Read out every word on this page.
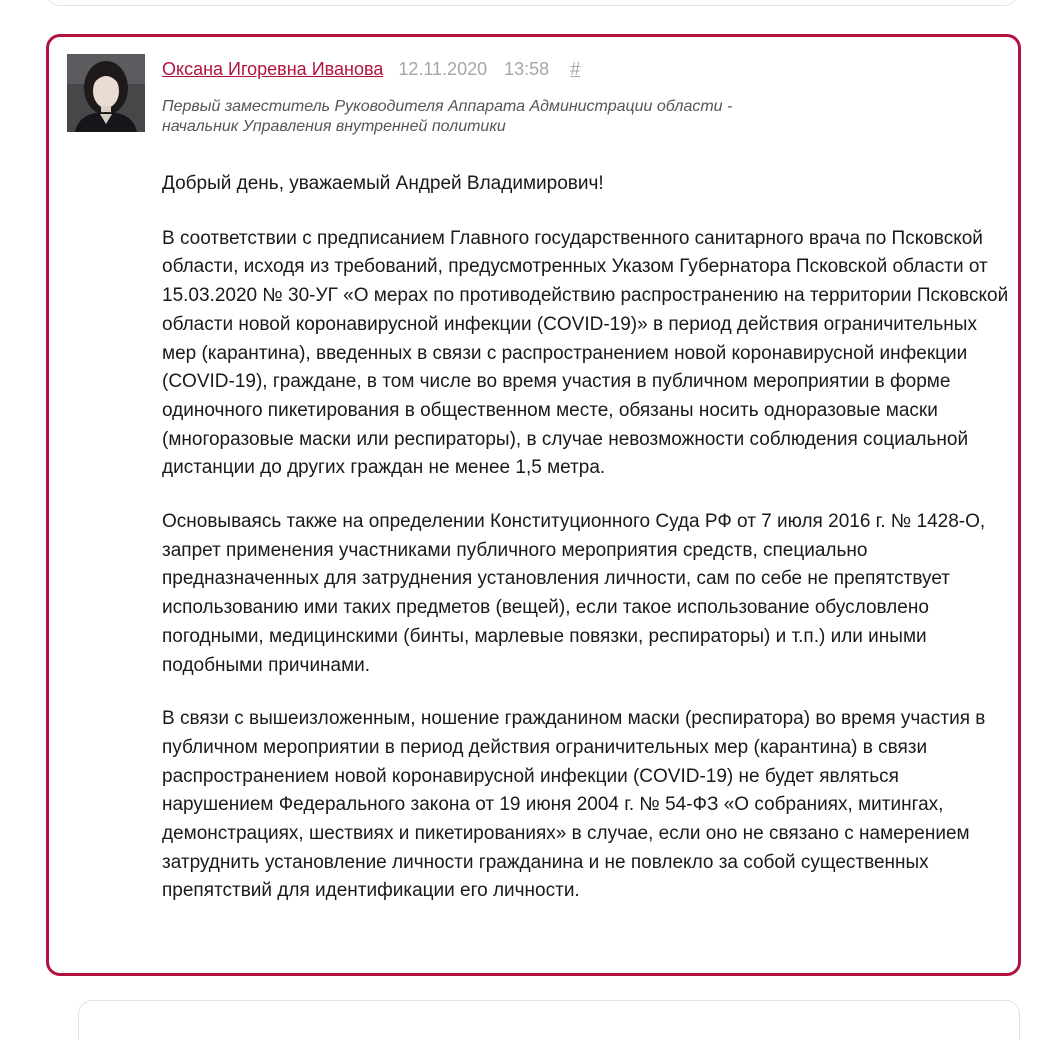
Оксана Игоревна Иванова 12.11.2020 13:58 #
Первый заместитель Руководителя Аппарата Администрации области -
начальник Управления внутренней политики

Добрый день, уважаемый Андрей Владимирович!

В соответствии с предписанием Главного государственного санитарного врача по Псковской области, исходя из требований, предусмотренных Указом Губернатора Псковской области от 15.03.2020 № 30-УГ «О мерах по противодействию распространению на территории Псковской области новой коронавирусной инфекции (COVID-19)» в период действия ограничительных мер (карантина), введенных в связи с распространением новой коронавирусной инфекции (COVID-19), граждане, в том числе во время участия в публичном мероприятии в форме одиночного пикетирования в общественном месте, обязаны носить одноразовые маски (многоразовые маски или респираторы), в случае невозможности соблюдения социальной дистанции до других граждан не менее 1,5 метра.

Основываясь также на определении Конституционного Суда РФ от 7 июля 2016 г. № 1428-О, запрет применения участниками публичного мероприятия средств, специально предназначенных для затруднения установления личности, сам по себе не препятствует использованию ими таких предметов (вещей), если такое использование обусловлено погодными, медицинскими (бинты, марлевые повязки, респираторы) и т.п.) или иными подобными причинами.

В связи с вышеизложенным, ношение гражданином маски (респиратора) во время участия в публичном мероприятии в период действия ограничительных мер (карантина) в связи распространением новой коронавирусной инфекции (COVID-19) не будет являться нарушением Федерального закона от 19 июня 2004 г. № 54-ФЗ «О собраниях, митингах, демонстрациях, шествиях и пикетированиях» в случае, если оно не связано с намерением затруднить установление личности гражданина и не повлекло за собой существенных препятствий для идентификации его личности.
